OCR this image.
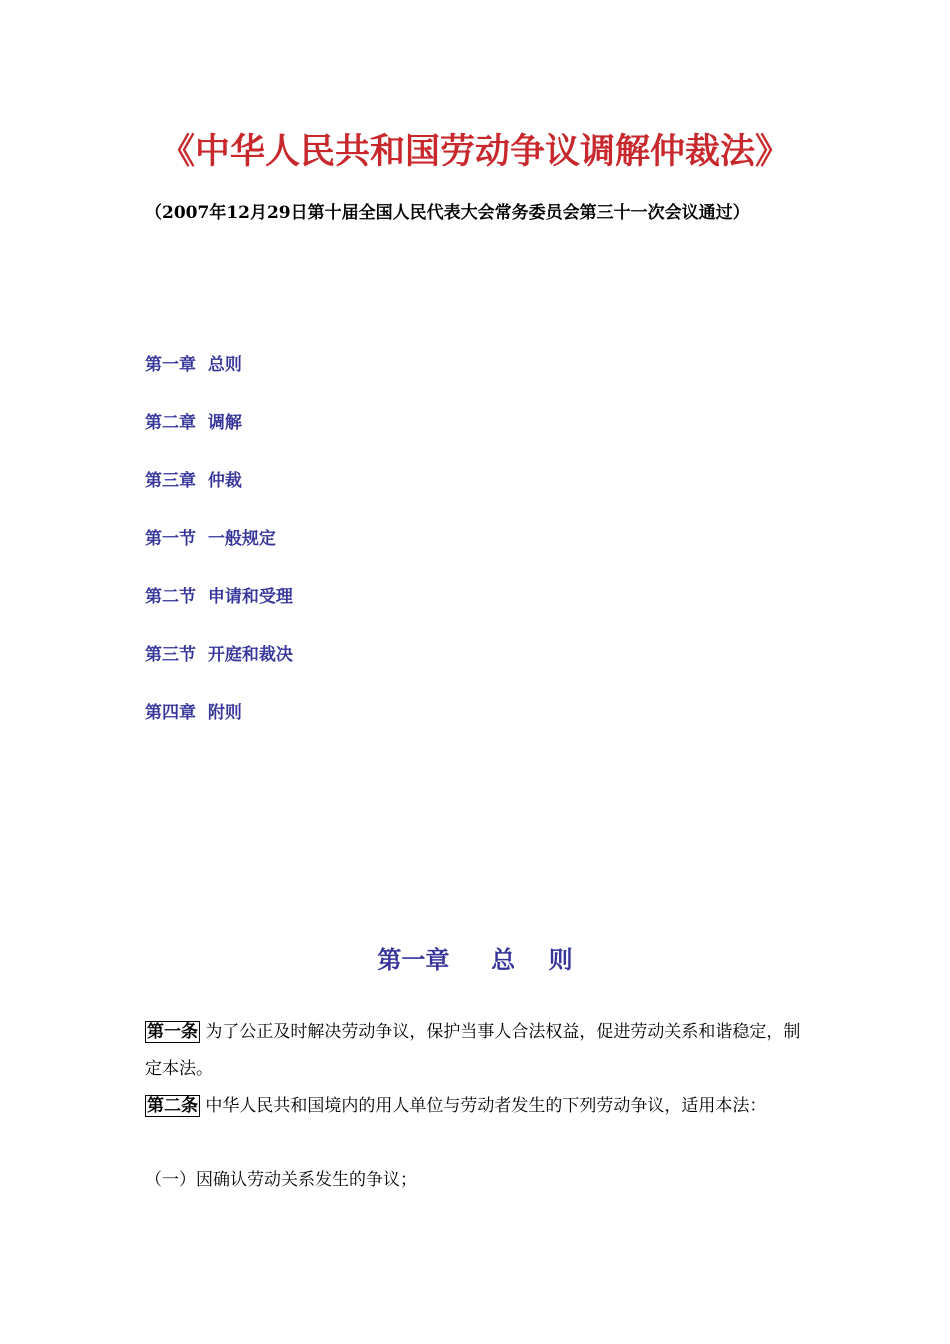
《中华人民共和国劳动争议调解仲裁法》

（2007年12月29日第十届全国人民代表大会常务委员会第三十一次会议通过）

第一章  总则
第二章  调解
第三章  仲裁
第一节  一般规定
第二节  申请和受理
第三节  开庭和裁决
第四章  附则
第一章     总    则

第一条 为了公正及时解决劳动争议，保护当事人合法权益，促进劳动关系和谐稳定，制定本法。

第二条 中华人民共和国境内的用人单位与劳动者发生的下列劳动争议，适用本法：

（一）因确认劳动关系发生的争议；
